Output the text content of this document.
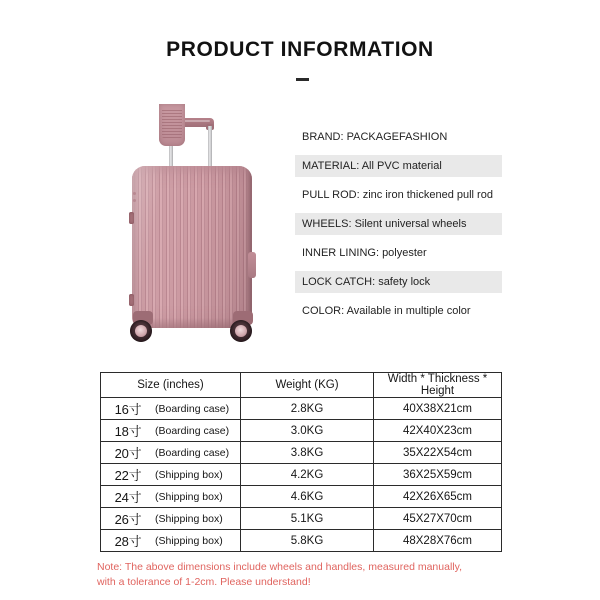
PRODUCT INFORMATION
BRAND: PACKAGEFASHION
MATERIAL: All PVC material
PULL ROD: zinc iron thickened pull rod
WHEELS: Silent universal wheels
INNER LINING: polyester
LOCK CATCH: safety lock
COLOR: Available in multiple color
Size (inches)	Weight (KG)	Width * Thickness * Height

16寸 (Boarding case)	2.8KG	40X38X21cm

18寸 (Boarding case)	3.0KG	42X40X23cm

20寸 (Boarding case)	3.8KG	35X22X54cm

22寸 (Shipping box)	4.2KG	36X25X59cm

24寸 (Shipping box)	4.6KG	42X26X65cm

26寸 (Shipping box)	5.1KG	45X27X70cm

28寸 (Shipping box)	5.8KG	48X28X76cm
Note: The above dimensions include wheels and handles, measured manually,
with a tolerance of 1-2cm. Please understand!
